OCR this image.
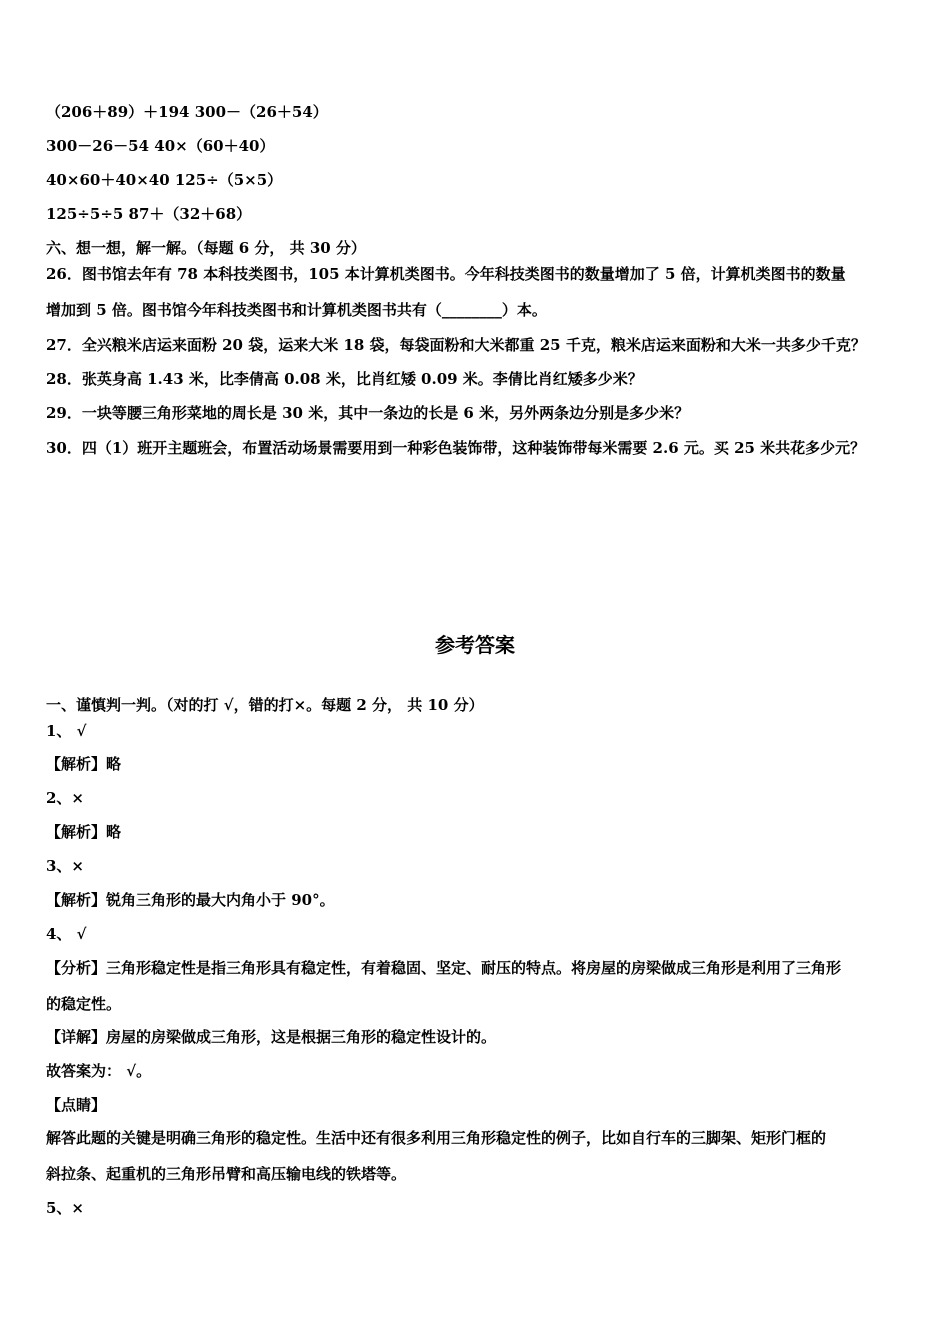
（206＋89）＋194 300－（26＋54）
300－26－54 40×（60＋40）
40×60＋40×40 125÷（5×5）
125÷5÷5 87＋（32＋68）
六、想一想，解一解。（每题 6 分， 共 30 分）
26．图书馆去年有 78 本科技类图书，105 本计算机类图书。今年科技类图书的数量增加了 5 倍，计算机类图书的数量
增加到 5 倍。图书馆今年科技类图书和计算机类图书共有（________）本。
27．全兴粮米店运来面粉 20 袋，运来大米 18 袋，每袋面粉和大米都重 25 千克，粮米店运来面粉和大米一共多少千克？
28．张英身高 1.43 米，比李倩高 0.08 米，比肖红矮 0.09 米。李倩比肖红矮多少米？
29．一块等腰三角形菜地的周长是 30 米，其中一条边的长是 6 米，另外两条边分别是多少米？
30．四（1）班开主题班会，布置活动场景需要用到一种彩色装饰带，这种装饰带每米需要 2.6 元。买 25 米共花多少元？
参考答案
一、谨慎判一判。（对的打 √，错的打×。每题 2 分， 共 10 分）
1、 √
【解析】略
2、×
【解析】略
3、×
【解析】锐角三角形的最大内角小于 90°。
4、 √
【分析】三角形稳定性是指三角形具有稳定性，有着稳固、坚定、耐压的特点。将房屋的房梁做成三角形是利用了三角形
的稳定性。
【详解】房屋的房梁做成三角形，这是根据三角形的稳定性设计的。
故答案为： √。
【点睛】
解答此题的关键是明确三角形的稳定性。生活中还有很多利用三角形稳定性的例子，比如自行车的三脚架、矩形门框的
斜拉条、起重机的三角形吊臂和高压输电线的铁塔等。
5、×
